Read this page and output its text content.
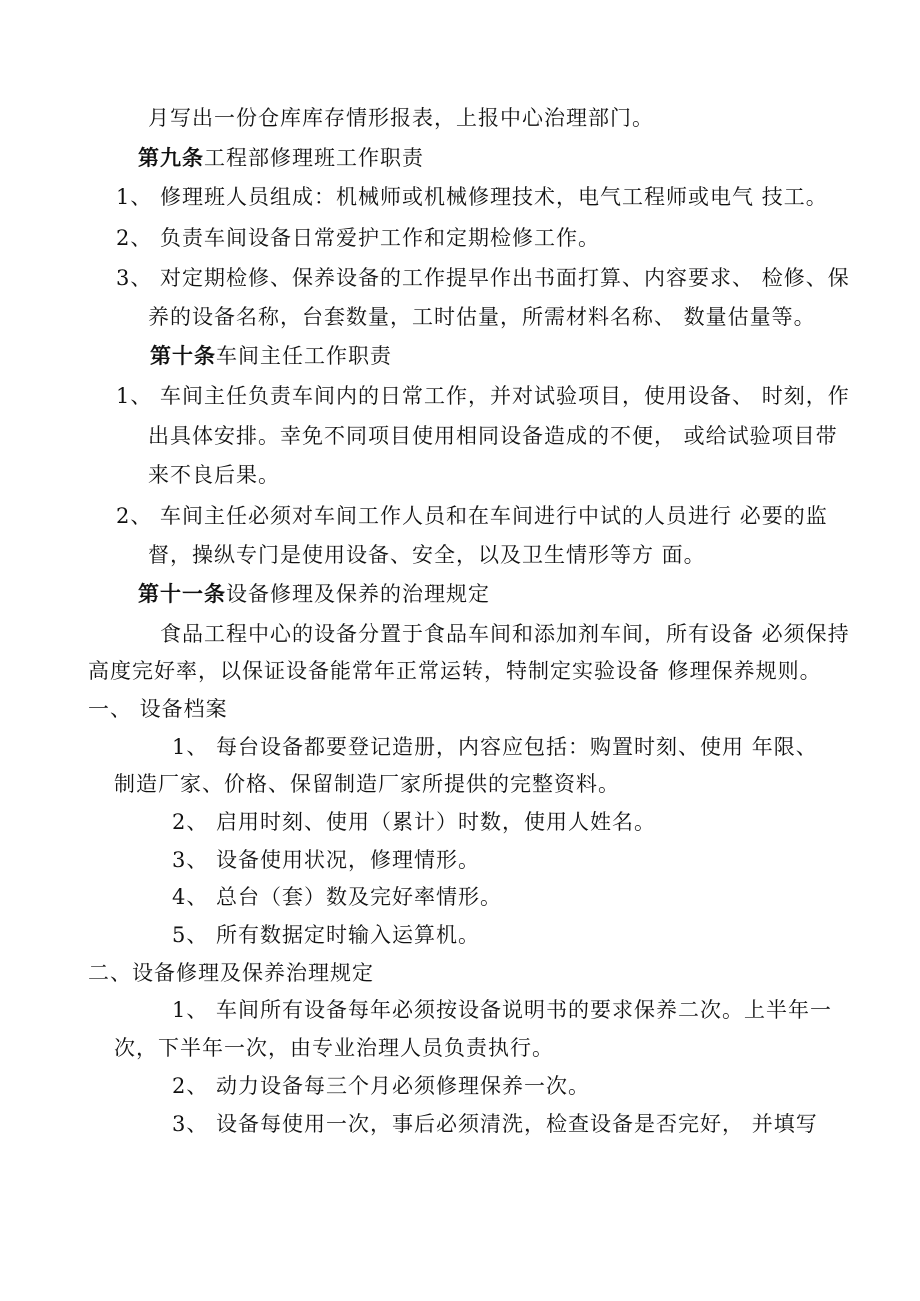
月写出一份仓库库存情形报表，上报中心治理部门。
第九条工程部修理班工作职责
1、 修理班人员组成：机械师或机械修理技术，电气工程师或电气 技工。
2、 负责车间设备日常爱护工作和定期检修工作。
3、 对定期检修、保养设备的工作提早作出书面打算、内容要求、 检修、保
养的设备名称，台套数量，工时估量，所需材料名称、 数量估量等。
第十条车间主任工作职责
1、 车间主任负责车间内的日常工作，并对试验项目，使用设备、 时刻，作
出具体安排。幸免不同项目使用相同设备造成的不便， 或给试验项目带
来不良后果。
2、 车间主任必须对车间工作人员和在车间进行中试的人员进行 必要的监
督，操纵专门是使用设备、安全，以及卫生情形等方 面。
第十一条设备修理及保养的治理规定
食品工程中心的设备分置于食品车间和添加剂车间，所有设备 必须保持
高度完好率，以保证设备能常年正常运转，特制定实验设备 修理保养规则。
一、 设备档案
1、 每台设备都要登记造册，内容应包括：购置时刻、使用 年限、
制造厂家、价格、保留制造厂家所提供的完整资料。
2、 启用时刻、使用（累计）时数，使用人姓名。
3、 设备使用状况，修理情形。
4、 总台（套）数及完好率情形。
5、 所有数据定时输入运算机。
二、设备修理及保养治理规定
1、 车间所有设备每年必须按设备说明书的要求保养二次。上半年一
次，下半年一次，由专业治理人员负责执行。
2、 动力设备每三个月必须修理保养一次。
3、 设备每使用一次，事后必须清洗，检查设备是否完好， 并填写
